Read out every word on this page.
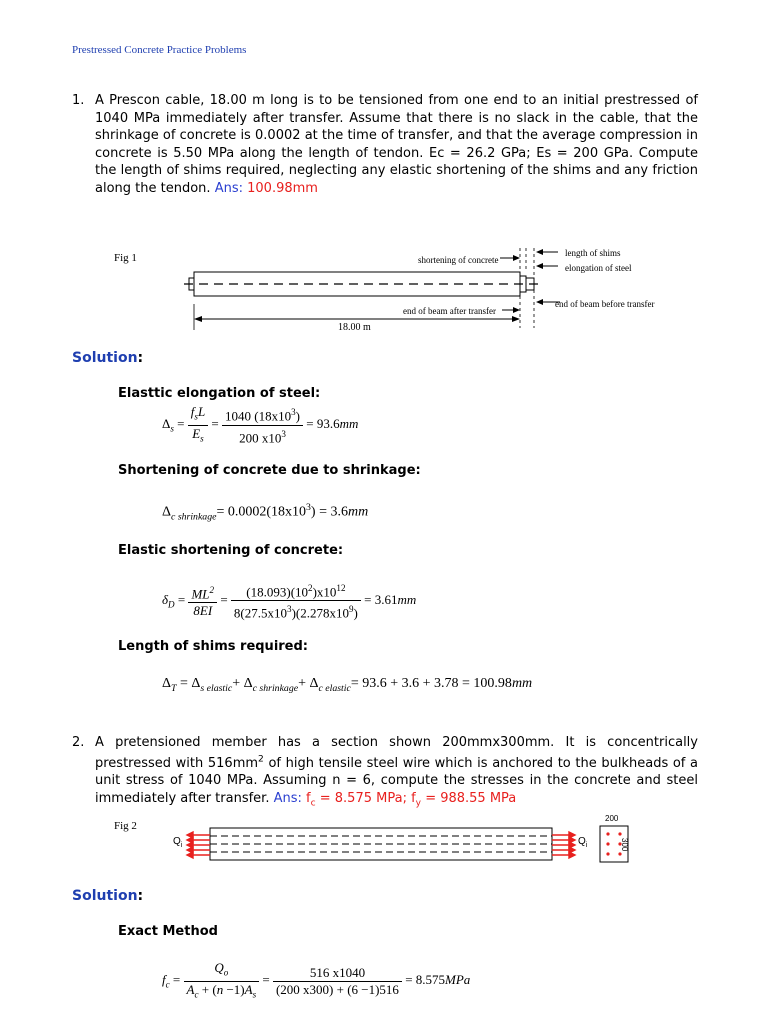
Prestressed Concrete Practice Problems
1. A Prescon cable, 18.00 m long is to be tensioned from one end to an initial prestressed of 1040 MPa immediately after transfer. Assume that there is no slack in the cable, that the shrinkage of concrete is 0.0002 at the time of transfer, and that the average compression in concrete is 5.50 MPa along the length of tendon. Ec = 26.2 GPa; Es = 200 GPa. Compute the length of shims required, neglecting any elastic shortening of the shims and any friction along the tendon. Ans: 100.98mm
Fig 1	shortening of concrete
length of shims
elongation of steel
end of beam after transfer
end of beam before transfer
18.00 m
Solution:
Elasttic elongation of steel:
$\Delta_s = \frac{f_sL}{E_s} = \frac{1040 (18x10^3)}{200 x10^3} = 93.6mm$
Shortening of concrete due to shrinkage:
$\Delta_{c shrinkage}= 0.0002(18x10^3) = 3.6mm$
Elastic shortening of concrete:
$\delta_D = \frac{ML^2}{8EI} = \frac{(18.093)(10^2)x10^{12}}{8(27.5x10^3)(2.278x10^9)} = 3.61mm$
Length of shims required:
$\Delta_T = \Delta_{s elastic}+ \Delta_{c shrinkage}+ \Delta_{c elastic}= 93.6 + 3.6 + 3.78 = 100.98mm$
2. A pretensioned member has a section shown 200mmx300mm. It is concentrically prestressed with $516mm^2$ of high tensile steel wire which is anchored to the bulkheads of a unit stress of 1040 MPa. Assuming n = 6, compute the stresses in the concrete and steel immediately after transfer. Ans: $f_c = 8.575$ MPa; $f_y = 988.55$ MPa
Fig 2
$Q_i$	$Q_i$
200
300
Solution:
Exact Method
$f_c = \frac{Q_o}{A_c + (n -1)A_s} = \frac{516 x1040}{(200 x300) + (6 -1)516} = 8.575MPa$
